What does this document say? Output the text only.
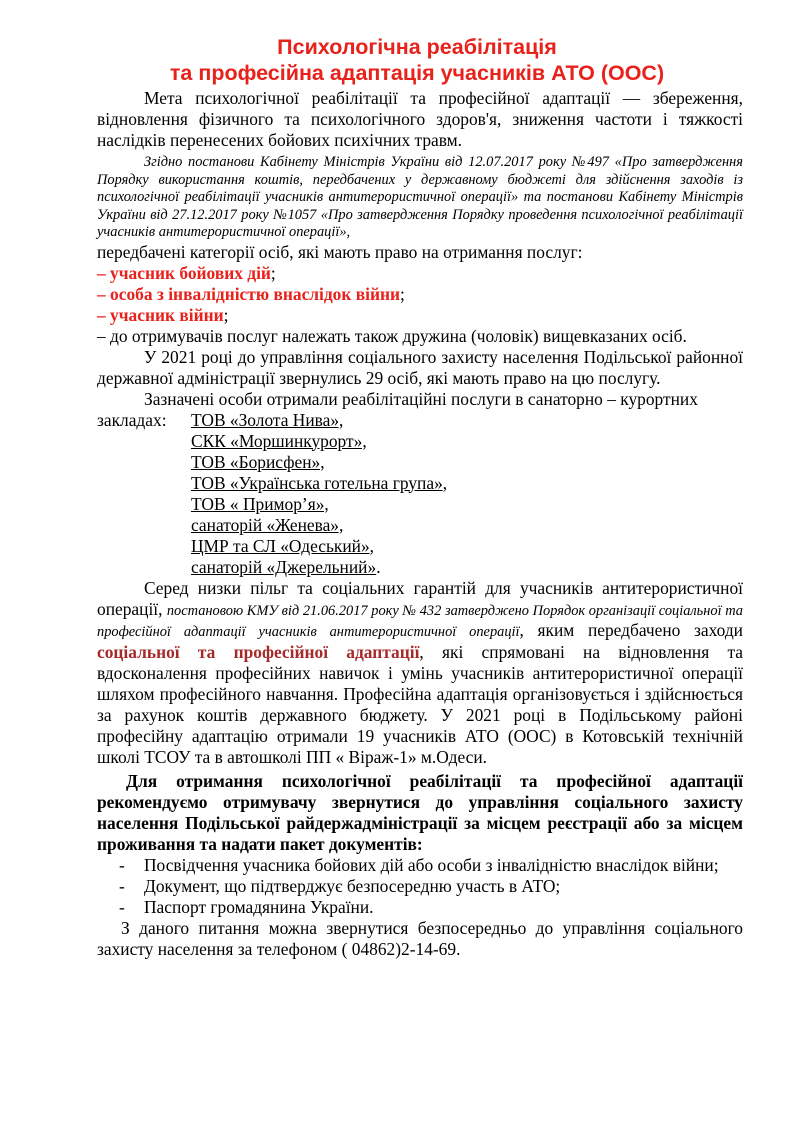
Психологічна реабілітація
та професійна адаптація учасників АТО (ООС)

Мета психологічної реабілітації та професійної адаптації — збереження, відновлення фізичного та психологічного здоров'я, зниження частоти і тяжкості наслідків перенесених бойових психічних травм.

Згідно постанови Кабінету Міністрів України від 12.07.2017 року №497 «Про затвердження Порядку використання коштів, передбачених у державному бюджеті для здійснення заходів із психологічної реабілітації учасників антитерористичної операції» та постанови Кабінету Міністрів України від 27.12.2017 року №1057 «Про затвердження Порядку проведення психологічної реабілітації учасників антитерористичної операції»,

передбачені категорії осіб, які мають право на отримання послуг:

– учасник бойових дій;

– особа з інвалідністю внаслідок війни;

– учасник війни;

– до отримувачів послуг належать також дружина (чоловік) вищевказаних осіб.

У 2021 році до управління соціального захисту населення Подільської районної державної адміністрації звернулись 29 осіб, які мають право на цю послугу.

Зазначені особи отримали реабілітаційні послуги в санаторно – курортних

закладах: ТОВ «Золота Нива»,
СКК «Моршинкурорт»,
ТОВ «Борисфен»,
ТОВ «Українська готельна група»,
ТОВ « Примор’я»,
санаторій «Женева»,
ЦМР та СЛ «Одеський»,
санаторій «Джерельний».

Серед низки пільг та соціальних гарантій для учасників антитерористичної операції, постановою КМУ від 21.06.2017 року № 432 затверджено Порядок організації соціальної та професійної адаптації учасників антитерористичної операції, яким передбачено заходи соціальної та професійної адаптації, які спрямовані на відновлення та вдосконалення професійних навичок і умінь учасників антитерористичної операції шляхом професійного навчання. Професійна адаптація організовується і здійснюється за рахунок коштів державного бюджету. У 2021 році в Подільському районі професійну адаптацію отримали 19 учасників АТО (ООС) в Котовській технічній школі ТСОУ та в автошколі ПП « Віраж-1» м.Одеси.

Для отримання психологічної реабілітації та професійної адаптації рекомендуємо отримувачу звернутися до управління соціального захисту населення Подільської райдержадміністрації за місцем реєстрації або за місцем проживання та надати пакет документів:

- Посвідчення учасника бойових дій або особи з інвалідністю внаслідок війни;
- Документ, що підтверджує безпосередню участь в АТО;
- Паспорт громадянина України.

З даного питання можна звернутися безпосередньо до управління соціального захисту населення за телефоном ( 04862)2-14-69.
